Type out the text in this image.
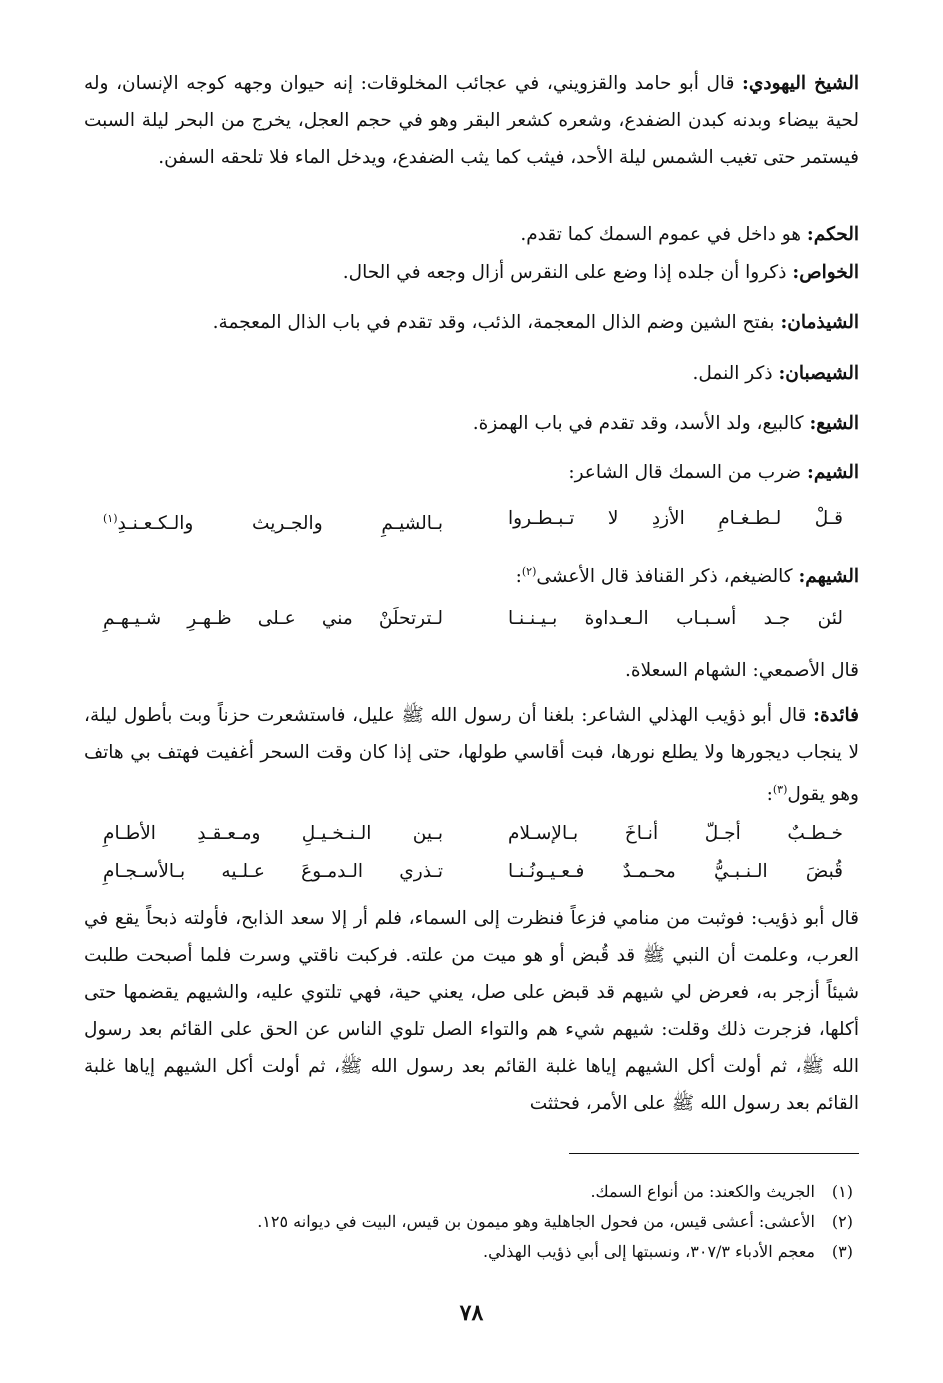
الشيخ اليهودي: قال أبو حامد والقزويني، في عجائب المخلوقات: إنه حيوان وجهه كوجه الإنسان، وله لحية بيضاء وبدنه كبدن الضفدع، وشعره كشعر البقر وهو في حجم العجل، يخرج من البحر ليلة السبت فيستمر حتى تغيب الشمس ليلة الأحد، فيثب كما يثب الضفدع، ويدخل الماء فلا تلحقه السفن.
الحكم: هو داخل في عموم السمك كما تقدم.
الخواص: ذكروا أن جلده إذا وضع على النقرس أزال وجعه في الحال.
الشيذمان: بفتح الشين وضم الذال المعجمة، الذئب، وقد تقدم في باب الذال المعجمة.
الشيصبان: ذكر النمل.
الشيع: كالبيع، ولد الأسد، وقد تقدم في باب الهمزة.
الشيم: ضرب من السمك قال الشاعر:
قـلْ لـطـغـامِ الأزدِ لا تـبـطـروا
بـالشيـمِ والجـريث والـكـعـنـدِ$^{(١)}$
الشيهم: كالضيغم، ذكر القنافذ قال الأعشى$^{(٢)}$:
لئن جـد أسـبـاب الـعـداوة بـيـنـنـا
لـترتحلَنْ مني عـلى ظـهـرِ شـيـهـمِ
قال الأصمعي: الشهام السعلاة.
فائدة: قال أبو ذؤيب الهذلي الشاعر: بلغنا أن رسول الله ﷺ عليل، فاستشعرت حزناً وبت بأطول ليلة، لا ينجاب ديجورها ولا يطلع نورها، فبت أقاسي طولها، حتى إذا كان وقت السحر أغفيت فهتف بي هاتف وهو يقول$^{(٣)}$:
خـطـبٌ أجـلّ أنـاخَ بـالإسـلام
بـين الـنـخـيـلِ ومـعـقـدِ الأطـامِ
قُبضَ الـنـبـيُّ محـمـدٌ فـعـيـونُـنـا
تـذري الـدمـوعَ عـلـيه بـالأسـجـامِ
قال أبو ذؤيب: فوثبت من منامي فزعاً فنظرت إلى السماء، فلم أر إلا سعد الذابح، فأولته ذبحاً يقع في العرب، وعلمت أن النبي ﷺ قد قُبض أو هو ميت من علته. فركبت ناقتي وسرت فلما أصبحت طلبت شيئاً أزجر به، فعرض لي شيهم قد قبض على صل، يعني حية، فهي تلتوي عليه، والشيهم يقضمها حتى أكلها، فزجرت ذلك وقلت: شيهم شيء هم والتواء الصل تلوي الناس عن الحق على القائم بعد رسول الله ﷺ، ثم أولت أكل الشيهم إياها غلبة القائم بعد رسول الله ﷺ، ثم أولت أكل الشيهم إياها غلبة القائم بعد رسول الله ﷺ على الأمر، فحثثت
(١)الجريث والكعند: من أنواع السمك.
(٢)الأعشى: أعشى قيس، من فحول الجاهلية وهو ميمون بن قيس، البيت في ديوانه ١٢٥.
(٣)معجم الأدباء ٣٠٧/٣، ونسبتها إلى أبي ذؤيب الهذلي.
٧٨
